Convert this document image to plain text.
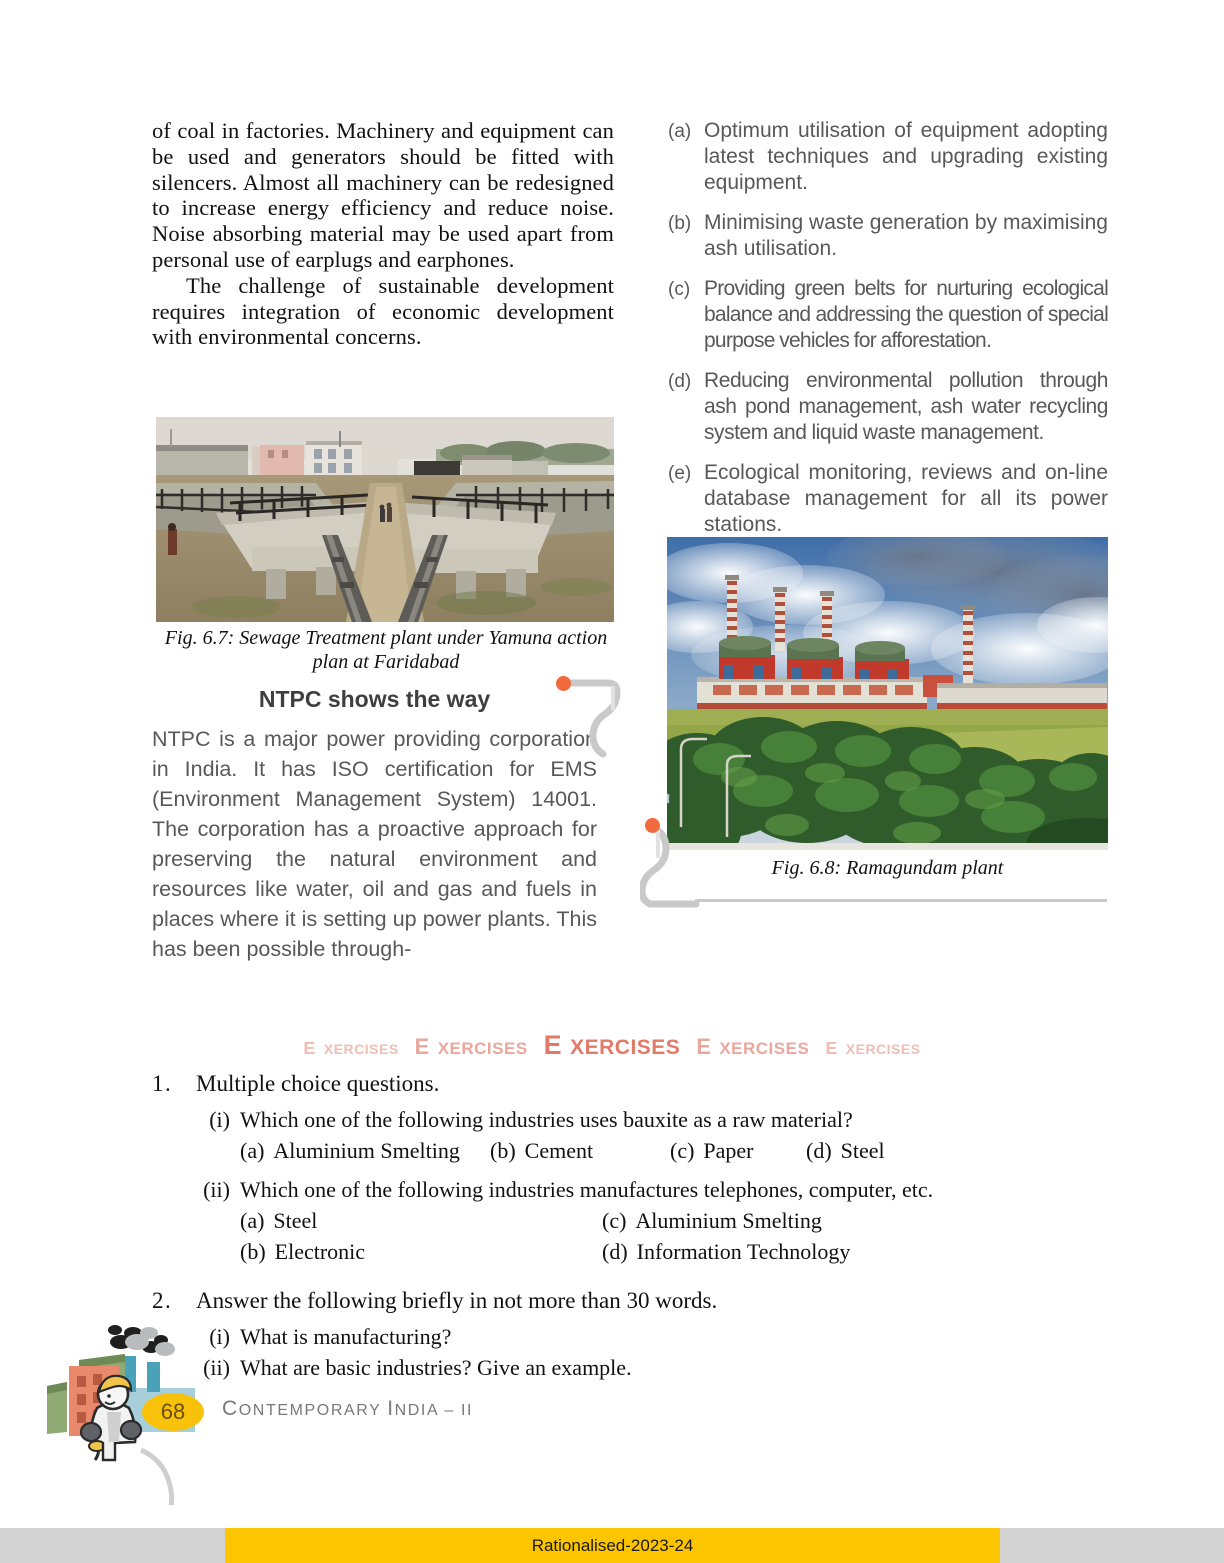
of coal in factories. Machinery and equipment can be used and generators should be fitted with silencers. Almost all machinery can be redesigned to increase energy efficiency and reduce noise. Noise absorbing material may be used apart from personal use of earplugs and earphones.

The challenge of sustainable development requires integration of economic development with environmental concerns.

(a) Optimum utilisation of equipment adopting latest techniques and upgrading existing equipment.
(b) Minimising waste generation by maximising ash utilisation.
(c) Providing green belts for nurturing ecological balance and addressing the question of special purpose vehicles for afforestation.
(d) Reducing environmental pollution through ash pond management, ash water recycling system and liquid waste management.
(e) Ecological monitoring, reviews and on-line database management for all its power stations.
Fig. 6.7: Sewage Treatment plant under Yamuna action plan at Faridabad
Fig. 6.8: Ramagundam plant
NTPC shows the way

NTPC is a major power providing corporation in India. It has ISO certification for EMS (Environment Management System) 14001. The corporation has a proactive approach for preserving the natural environment and resources like water, oil and gas and fuels in places where it is setting up power plants. This has been possible through-

E XERCISES E XERCISES E XERCISES E XERCISES E XERCISES
1.	Multiple choice questions.
(i) Which one of the following industries uses bauxite as a raw material?
(a) Aluminium Smelting (b) Cement	(c) Paper (d) Steel
(ii) Which one of the following industries manufactures telephones, computer, etc.
(a) Steel	(c) Aluminium Smelting
(b) Electronic	(d) Information Technology
2.	Answer the following briefly in not more than 30 words.
(i) What is manufacturing?
(ii) What are basic industries? Give an example.
68	CONTEMPORARY INDIA – II
Rationalised-2023-24
